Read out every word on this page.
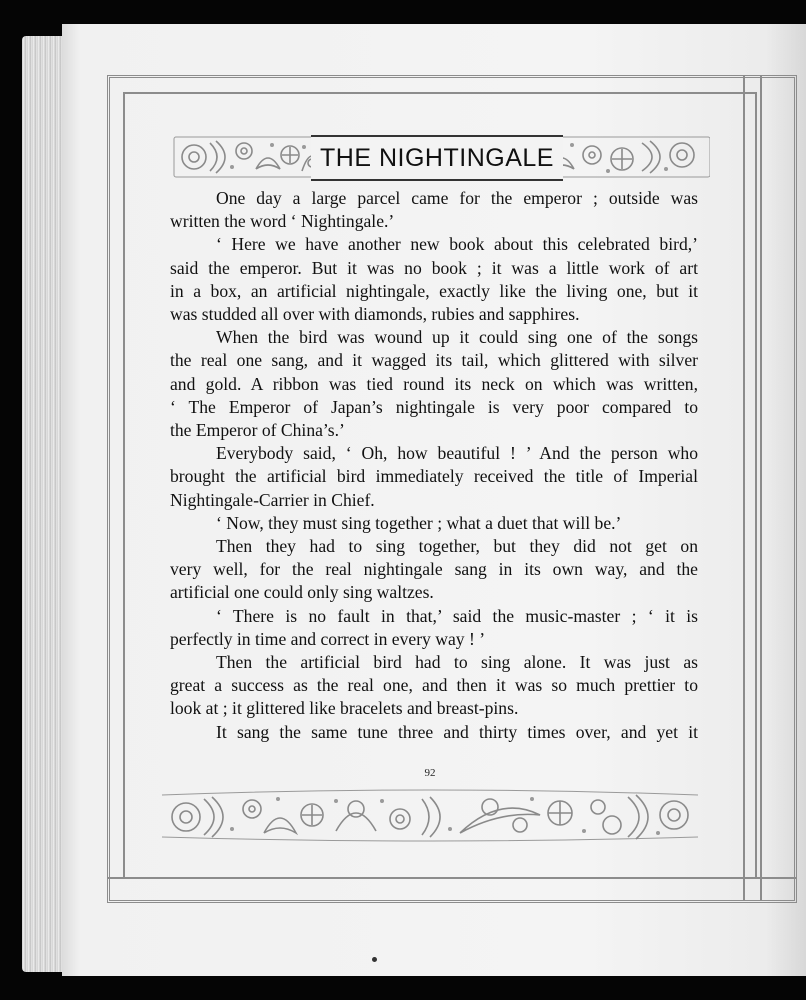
THE NIGHTINGALE
One day a large parcel came for the emperor ; outside was
written the word ‘ Nightingale.’
‘ Here we have another new book about this celebrated bird,’
said the emperor. But it was no book ; it was a little work of art
in a box, an artificial nightingale, exactly like the living one, but it
was studded all over with diamonds, rubies and sapphires.
When the bird was wound up it could sing one of the songs
the real one sang, and it wagged its tail, which glittered with silver
and gold. A ribbon was tied round its neck on which was written,
‘ The Emperor of Japan’s nightingale is very poor compared to
the Emperor of China’s.’
Everybody said, ‘ Oh, how beautiful ! ’ And the person who
brought the artificial bird immediately received the title of Imperial
Nightingale-Carrier in Chief.
‘ Now, they must sing together ; what a duet that will be.’
Then they had to sing together, but they did not get on
very well, for the real nightingale sang in its own way, and the
artificial one could only sing waltzes.
‘ There is no fault in that,’ said the music-master ; ‘ it is
perfectly in time and correct in every way ! ’
Then the artificial bird had to sing alone. It was just as
great a success as the real one, and then it was so much prettier to
look at ; it glittered like bracelets and breast-pins.
It sang the same tune three and thirty times over, and yet it
92
